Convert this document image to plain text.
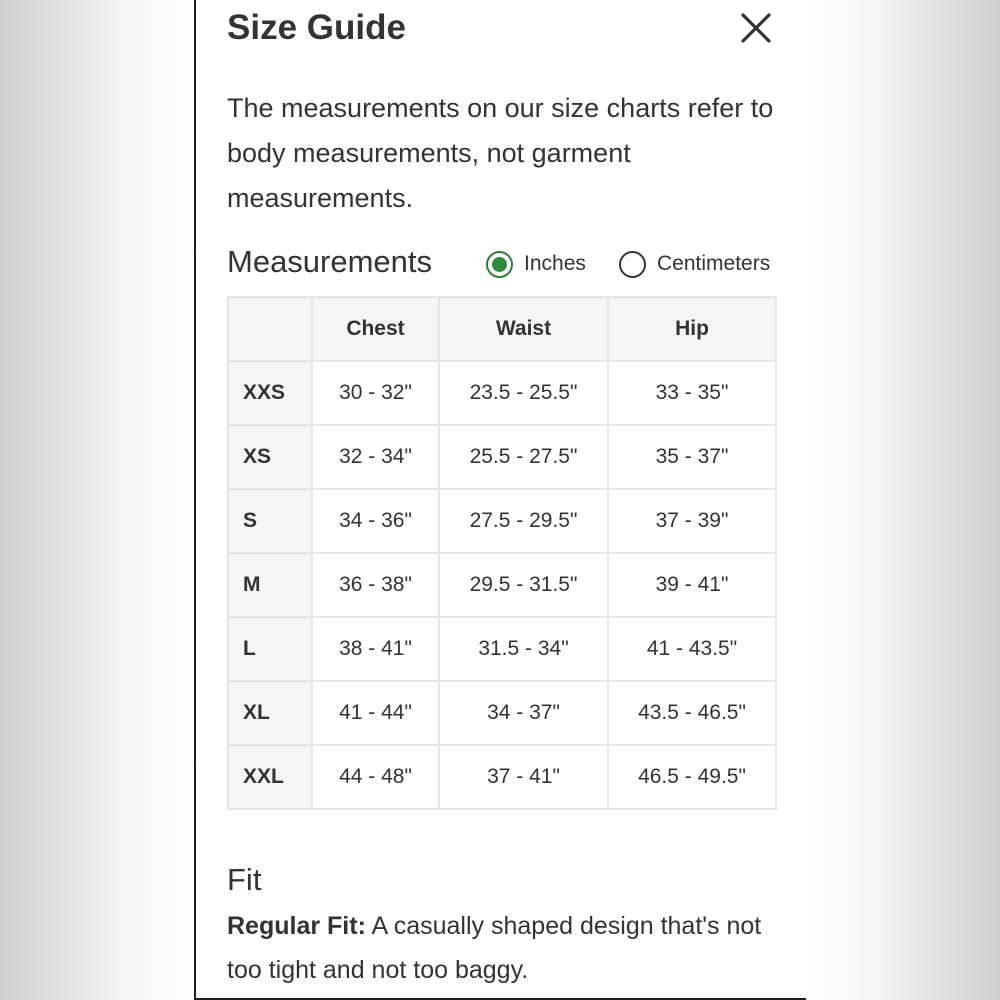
Size Guide
The measurements on our size charts refer to body measurements, not garment measurements.
Measurements	Inches	Centimeters
	Chest	Waist	Hip
XXS	30 - 32"	23.5 - 25.5"	33 - 35"
XS	32 - 34"	25.5 - 27.5"	35 - 37"
S	34 - 36"	27.5 - 29.5"	37 - 39"
M	36 - 38"	29.5 - 31.5"	39 - 41"
L	38 - 41"	31.5 - 34"	41 - 43.5"
XL	41 - 44"	34 - 37"	43.5 - 46.5"
XXL	44 - 48"	37 - 41"	46.5 - 49.5"
Fit
Regular Fit: A casually shaped design that's not too tight and not too baggy.
